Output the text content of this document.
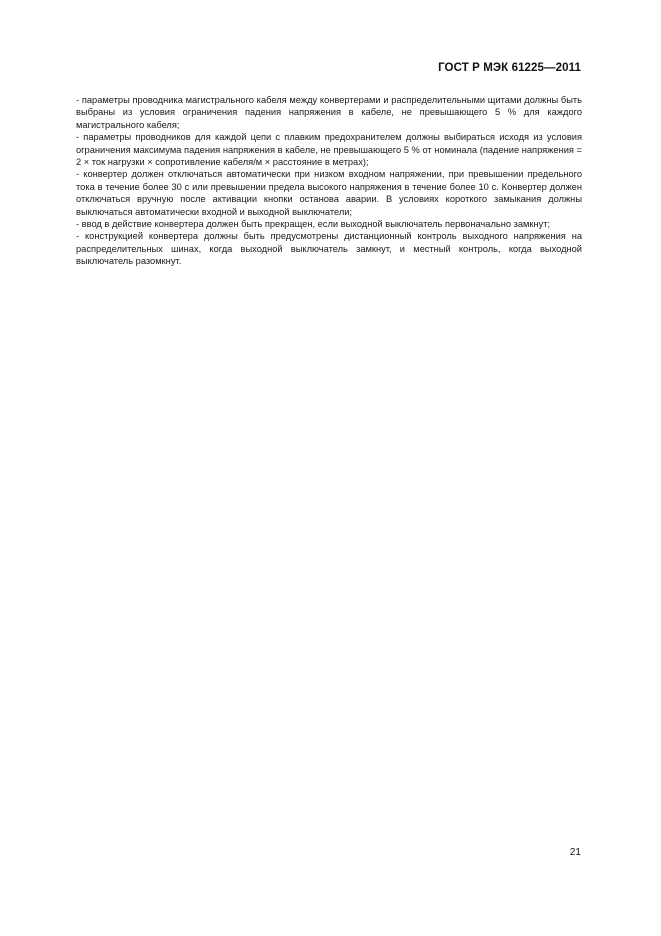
ГОСТ Р МЭК 61225—2011

- параметры проводника магистрального кабеля между конвертерами и распределительными щитами должны быть выбраны из условия ограничения падения напряжения в кабеле, не превышающего 5 % для каждого магистрального кабеля;

- параметры проводников для каждой цепи с плавким предохранителем должны выбираться исходя из условия ограничения максимума падения напряжения в кабеле, не превышающего 5 % от номинала (падение напряжения = 2 × ток нагрузки × сопротивление кабеля/м × расстояние в метрах);

- конвертер должен отключаться автоматически при низком входном напряжении, при превышении предельного тока в течение более 30 с или превышении предела высокого напряжения в течение более 10 с. Конвертер должен отключаться вручную после активации кнопки останова аварии. В условиях короткого замыкания должны выключаться автоматически входной и выходной выключатели;

- ввод в действие конвертера должен быть прекращен, если выходной выключатель первоначально замкнут;

- конструкцией конвертера должны быть предусмотрены дистанционный контроль выходного напряжения на распределительных шинах, когда выходной выключатель замкнут, и местный контроль, когда выходной выключатель разомкнут.

21
